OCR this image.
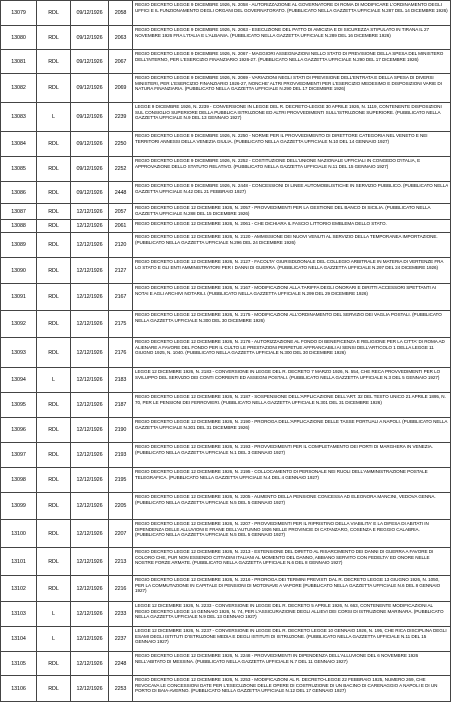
13079	RDL	09/12/1926	2058	REGIO DECRETO LEGGE 9 DICEMBRE 1926, N. 2058 - AUTORIZZAZIONE AL GOVERNATORE DI ROMA DI MODIFICARE L'ORDINAMENTO DEGLI UFFICI E IL FUNZIONAMENTO DEGLI ORGANI DEL GOVERNATORATO. (PUBBLICATO NELLA GAZZETTA UFFICIALE N.287 DEL 14 DICEMBRE 1926)

13080	RDL	09/12/1926	2063	REGIO DECRETO LEGGE 9 DICEMBRE 1926, N. 2063 - ESECUZIONE DEL PATTO DI AMICIZIA E DI SICUREZZA STIPULATO IN TIRANA IL 27 NOVEMBRE 1926 FRA L'ITALIA E L'ALBANIA. (PUBBLICATO NELLA GAZZETTA UFFICIALE N.289 DEL 16 DICEMBRE 1926)

13081	RDL	09/12/1926	2067	REGIO DECRETO LEGGE 9 DICEMBRE 1926, N. 2067 - MAGGIORI ASSEGNAZIONI NELLO STATO DI PREVISIONE DELLA SPESA DEL MINISTERO DELL'INTERNO, PER L'ESERCIZIO FINANZIARIO 1926-27. (PUBBLICATO NELLA GAZZETTA UFFICIALE N.290 DEL 17 DICEMBRE 1926)

13082	RDL	09/12/1926	2069	REGIO DECRETO LEGGE 9 DICEMBRE 1926, N. 2069 - VARIAZIONI NEGLI STATI DI PREVISIONE DELL'ENTRATA E DELLA SPESA DI DIVERSI MINISTERI, PER L'ESERCIZIO FINANZIARIO 1926-27, NONCHE' ALTRI PROVVEDIMENTI PER L'ESERCIZIO MEDESIMO E DISPOSIZIONI VARIE DI NATURA FINANZIARIA. (PUBBLICATO NELLA GAZZETTA UFFICIALE N.290 DEL 17 DICEMBRE 1926)

13083	L	09/12/1926	2239	LEGGE 9 DICEMBRE 1926, N. 2239 - CONVERSIONE IN LEGGE DEL R. DECRETO-LEGGE 30 APRILE 1926, N. 1119, CONTENENTE DISPOSIZIONI SUL CONSIGLIO SUPERIORE DELLA PUBBLICA ISTRUZIONE ED ALTRI PROVVEDIMENTI SULL'ISTRUZIONE SUPERIORE. (PUBBLICATO NELLA GAZZETTA UFFICIALE N.9 DEL 13 GENNAIO 1927)

13084	RDL	09/12/1926	2250	REGIO DECRETO LEGGE 9 DICEMBRE 1926, N. 2250 - NORME PER IL PROVVEDIMENTO DI DIRETTORE CATEGORIA NEL VENETO E NEI TERRITORI ANNESSI DELLA VENEZIA GIULIA. (PUBBLICATO NELLA GAZZETTA UFFICIALE N.10 DEL 14 GENNAIO 1927)

13085	RDL	09/12/1926	2252	REGIO DECRETO LEGGE 9 DICEMBRE 1926, N. 2252 - COSTITUZIONE DELL'UNIONE NAZIONALE UFFICIALI IN CONGEDO D'ITALIA, E APPROVAZIONE DELLO STATUTO RELATIVO. (PUBBLICATO NELLA GAZZETTA UFFICIALE N.11 DEL 15 GENNAIO 1927)

13086	RDL	09/12/1926	2448	REGIO DECRETO LEGGE 9 DICEMBRE 1926, N. 2448 - CONCESSIONI DI LINEE AUTOMOBILISTICHE IN SERVIZIO PUBBLICO. (PUBBLICATO NELLA GAZZETTA UFFICIALE N.42 DEL 21 FEBBRAIO 1927)

13087	RDL	12/12/1926	2057	REGIO DECRETO LEGGE 12 DICEMBRE 1926, N. 2057 - PROVVEDIMENTI PER LA GESTIONE DEL BANCO DI SICILIA. (PUBBLICATO NELLA GAZZETTA UFFICIALE N.288 DEL 15 DICEMBRE 1926)

13088	RDL	12/12/1926	2061	REGIO DECRETO LEGGE 12 DICEMBRE 1926, N. 2061 - CHE DICHIARA IL FASCIO LITTORIO EMBLEMA DELLO STATO.

13089	RDL	12/12/1926	2120	REGIO DECRETO LEGGE 12 DICEMBRE 1926, N. 2120 - AMMISSIONE DEI NUOVI VENUTI AL SERVIZIO DELLA TEMPORANEA IMPORTAZIONE. (PUBBLICATO NELLA GAZZETTA UFFICIALE N.296 DEL 24 DICEMBRE 1926)

13090	RDL	12/12/1926	2127	REGIO DECRETO LEGGE 12 DICEMBRE 1926, N. 2127 - FACOLTA' GIURISDIZIONALE DEL COLLEGIO ARBITRALE IN MATERIA DI VERTENZE FRA LO STATO E GLI ENTI AMMINISTRATORI PER I DANNI DI GUERRA. (PUBBLICATO NELLA GAZZETTA UFFICIALE N.297 DEL 24 DICEMBRE 1926)

13091	RDL	12/12/1926	2167	REGIO DECRETO LEGGE 12 DICEMBRE 1926, N. 2167 - MODIFICAZIONI ALLA TARIFFA DEGLI ONORARI E DIRITTI ACCESSORI SPETTANTI AI NOTAI E AGLI ARCHIVI NOTARILI. (PUBBLICATO NELLA GAZZETTA UFFICIALE N.299 DEL 29 DICEMBRE 1926)

13092	RDL	12/12/1926	2175	REGIO DECRETO LEGGE 12 DICEMBRE 1926, N. 2175 - MODIFICAZIONI ALL'ORDINAMENTO DEL SERVIZIO DEI VAGLIA POSTALI. (PUBBLICATO NELLA GAZZETTA UFFICIALE N.300 DEL 30 DICEMBRE 1926)

13093	RDL	12/12/1926	2176	REGIO DECRETO LEGGE 12 DICEMBRE 1926, N. 2176 - AUTORIZZAZIONE AL FONDO DI BENEFICENZA E RELIGIONE PER LA CITTA' DI ROMA AD ALIENARE A FAVORE DEL FONDO PER IL CULTO LE PRESTAZIONI PERPETUE AFFRANCABILI AI SENSI DELL'ARTICOLO 1 DELLA LEGGE 11 GIUGNO 1925, N. 1040. (PUBBLICATO NELLA GAZZETTA UFFICIALE N.300 DEL 30 DICEMBRE 1926)

13094	L	12/12/1926	2183	LEGGE 12 DICEMBRE 1926, N. 2183 - CONVERSIONE IN LEGGE DEL R. DECRETO 7 MARZO 1926, N. 554, CHE RECA PROVVEDIMENTI PER LO SVILUPPO DEL SERVIZIO DEI CONTI CORRENTI ED ASSEGNI POSTALI. (PUBBLICATO NELLA GAZZETTA UFFICIALE N.3 DEL 5 GENNAIO 1927)

13095	RDL	12/12/1926	2187	REGIO DECRETO LEGGE 12 DICEMBRE 1926, N. 2187 - SOSPENSIONE DELL'APPLICAZIONE DELL'ART. 32 DEL TESTO UNICO 21 APRILE 1895, N. 70, PER LE PENSIONI DEI FERROVIERI. (PUBBLICATO NELLA GAZZETTA UFFICIALE N.301 DEL 31 DICEMBRE 1926)

13096	RDL	12/12/1926	2190	REGIO DECRETO LEGGE 12 DICEMBRE 1926, N. 2190 - PROROGA DELL'APPLICAZIONE DELLE TASSE PORTUALI A NAPOLI. (PUBBLICATO NELLA GAZZETTA UFFICIALE N.301 DEL 31 DICEMBRE 1926)

13097	RDL	12/12/1926	2193	REGIO DECRETO LEGGE 12 DICEMBRE 1926, N. 2193 - PROVVEDIMENTI PER IL COMPLETAMENTO DEI PORTI DI MARGHERA IN VENEZIA. (PUBBLICATO NELLA GAZZETTA UFFICIALE N.1 DEL 3 GENNAIO 1927)

13098	RDL	12/12/1926	2195	REGIO DECRETO LEGGE 12 DICEMBRE 1926, N. 2195 - COLLOCAMENTO DI PERSONALE NEI RUOLI DELL'AMMINISTRAZIONE POSTALE TELEGRAFICA. (PUBBLICATO NELLA GAZZETTA UFFICIALE N.4 DEL 4 GENNAIO 1927)

13099	RDL	12/12/1926	2205	REGIO DECRETO LEGGE 12 DICEMBRE 1926, N. 2205 - AUMENTO DELLA PENSIONE CONCESSA AD ELEONORA MANCINI, VEDOVA GENNA. (PUBBLICATO NELLA GAZZETTA UFFICIALE N.5 DEL 5 GENNAIO 1927)

13100	RDL	12/12/1926	2207	REGIO DECRETO LEGGE 12 DICEMBRE 1926, N. 2207 - PROVVEDIMENTI PER IL RIPRISTINO DELLA VIABILITA' E LA DIFESA DI ABITATI IN DIPENDENZA DELLE ALLUVIONI E FRANE DELL'AUTUNNO 1926 NELLE PROVINCIE DI CATANZARO, COSENZA E REGGIO CALABRIA. (PUBBLICATO NELLA GAZZETTA UFFICIALE N.5 DEL 5 GENNAIO 1927)

13101	RDL	12/12/1926	2213	REGIO DECRETO LEGGE 12 DICEMBRE 1926, N. 2213 - ESTENSIONE DEL DIRITTO AL RISARCIMENTO DEI DANNI DI GUERRA A FAVORE DI COLORO CHE, PUR NON ESSENDO CITTADINI ITALIANI AL MOMENTO DEL DANNO, ABBIANO SERVITO CON FEDELTA' ED ONORE NELLE NOSTRE FORZE ARMATE. (PUBBLICATO NELLA GAZZETTA UFFICIALE N.6 DEL 8 GENNAIO 1927)

13102	RDL	12/12/1926	2216	REGIO DECRETO LEGGE 12 DICEMBRE 1926, N. 2216 - PROROGA DEI TERMINI PREVISTI DAL R. DECRETO LEGGE 13 GIUGNO 1926, N. 1050, PER LA COMMUTAZIONE IN CAPITALE DI PENSIONI DI MOTONAVE A VAPORE (PUBBLICATO NELLA GAZZETTA UFFICIALE N.6 DEL 8 GENNAIO 1927)

13103	L	12/12/1926	2233	LEGGE 12 DICEMBRE 1926, N. 2233 - CONVERSIONE IN LEGGE DEL R. DECRETO 5 APRILE 1926, N. 663, CONTENENTE MODIFICAZIONI AL REGIO DECRETO LEGGE 14 GENNAIO 1926, N. 74, PER L'ASSICURAZIONE DEGLI ALLIEVI DEI CORSI DI ISTRUZIONE MARINARA. (PUBBLICATO NELLA GAZZETTA UFFICIALE N.9 DEL 13 GENNAIO 1927)

13104	L	12/12/1926	2237	LEGGE 12 DICEMBRE 1926, N. 2237 - CONVERSIONE IN LEGGE DEL R. DECRETO LEGGE 10 GENNAIO 1926, N. 195, CHE RICA DISCIPLINA DEGLI ESAMI DEGLI ISTITUTI D'ISTRUZIONE MEDIA E DEGLI ISTITUTI DI ISTRUZIONE. (PUBBLICATO NELLA GAZZETTA UFFICIALE N.11 DEL 15 GENNAIO 1927)

13105	RDL	12/12/1926	2248	REGIO DECRETO LEGGE 12 DICEMBRE 1926, N. 2248 - PROVVEDIMENTI IN DIPENDENZA DELL'ALLUVIONE DEL 6 NOVEMBRE 1926 NELL'ABITATO DI MESSINA. (PUBBLICATO NELLA GAZZETTA UFFICIALE N.7 DEL 11 GENNAIO 1927)

13106	RDL	12/12/1926	2253	REGIO DECRETO LEGGE 12 DICEMBRE 1926, N. 2253 - MODIFICAZIONI AL R. DECRETO-LEGGE 22 FEBBRAIO 1925, NUMERO 269, CHE REVOCAVA LE CONCESSIONI DATE PER L'ESECUZIONE DELLE OPERE DI COSTRUZIONE DI UN BACINO DI CARENAGGIO A NAPOLI E DI UN PORTO DI BAIA-AVERNO. (PUBBLICATO NELLA GAZZETTA UFFICIALE N.12 DEL 17 GENNAIO 1927)
